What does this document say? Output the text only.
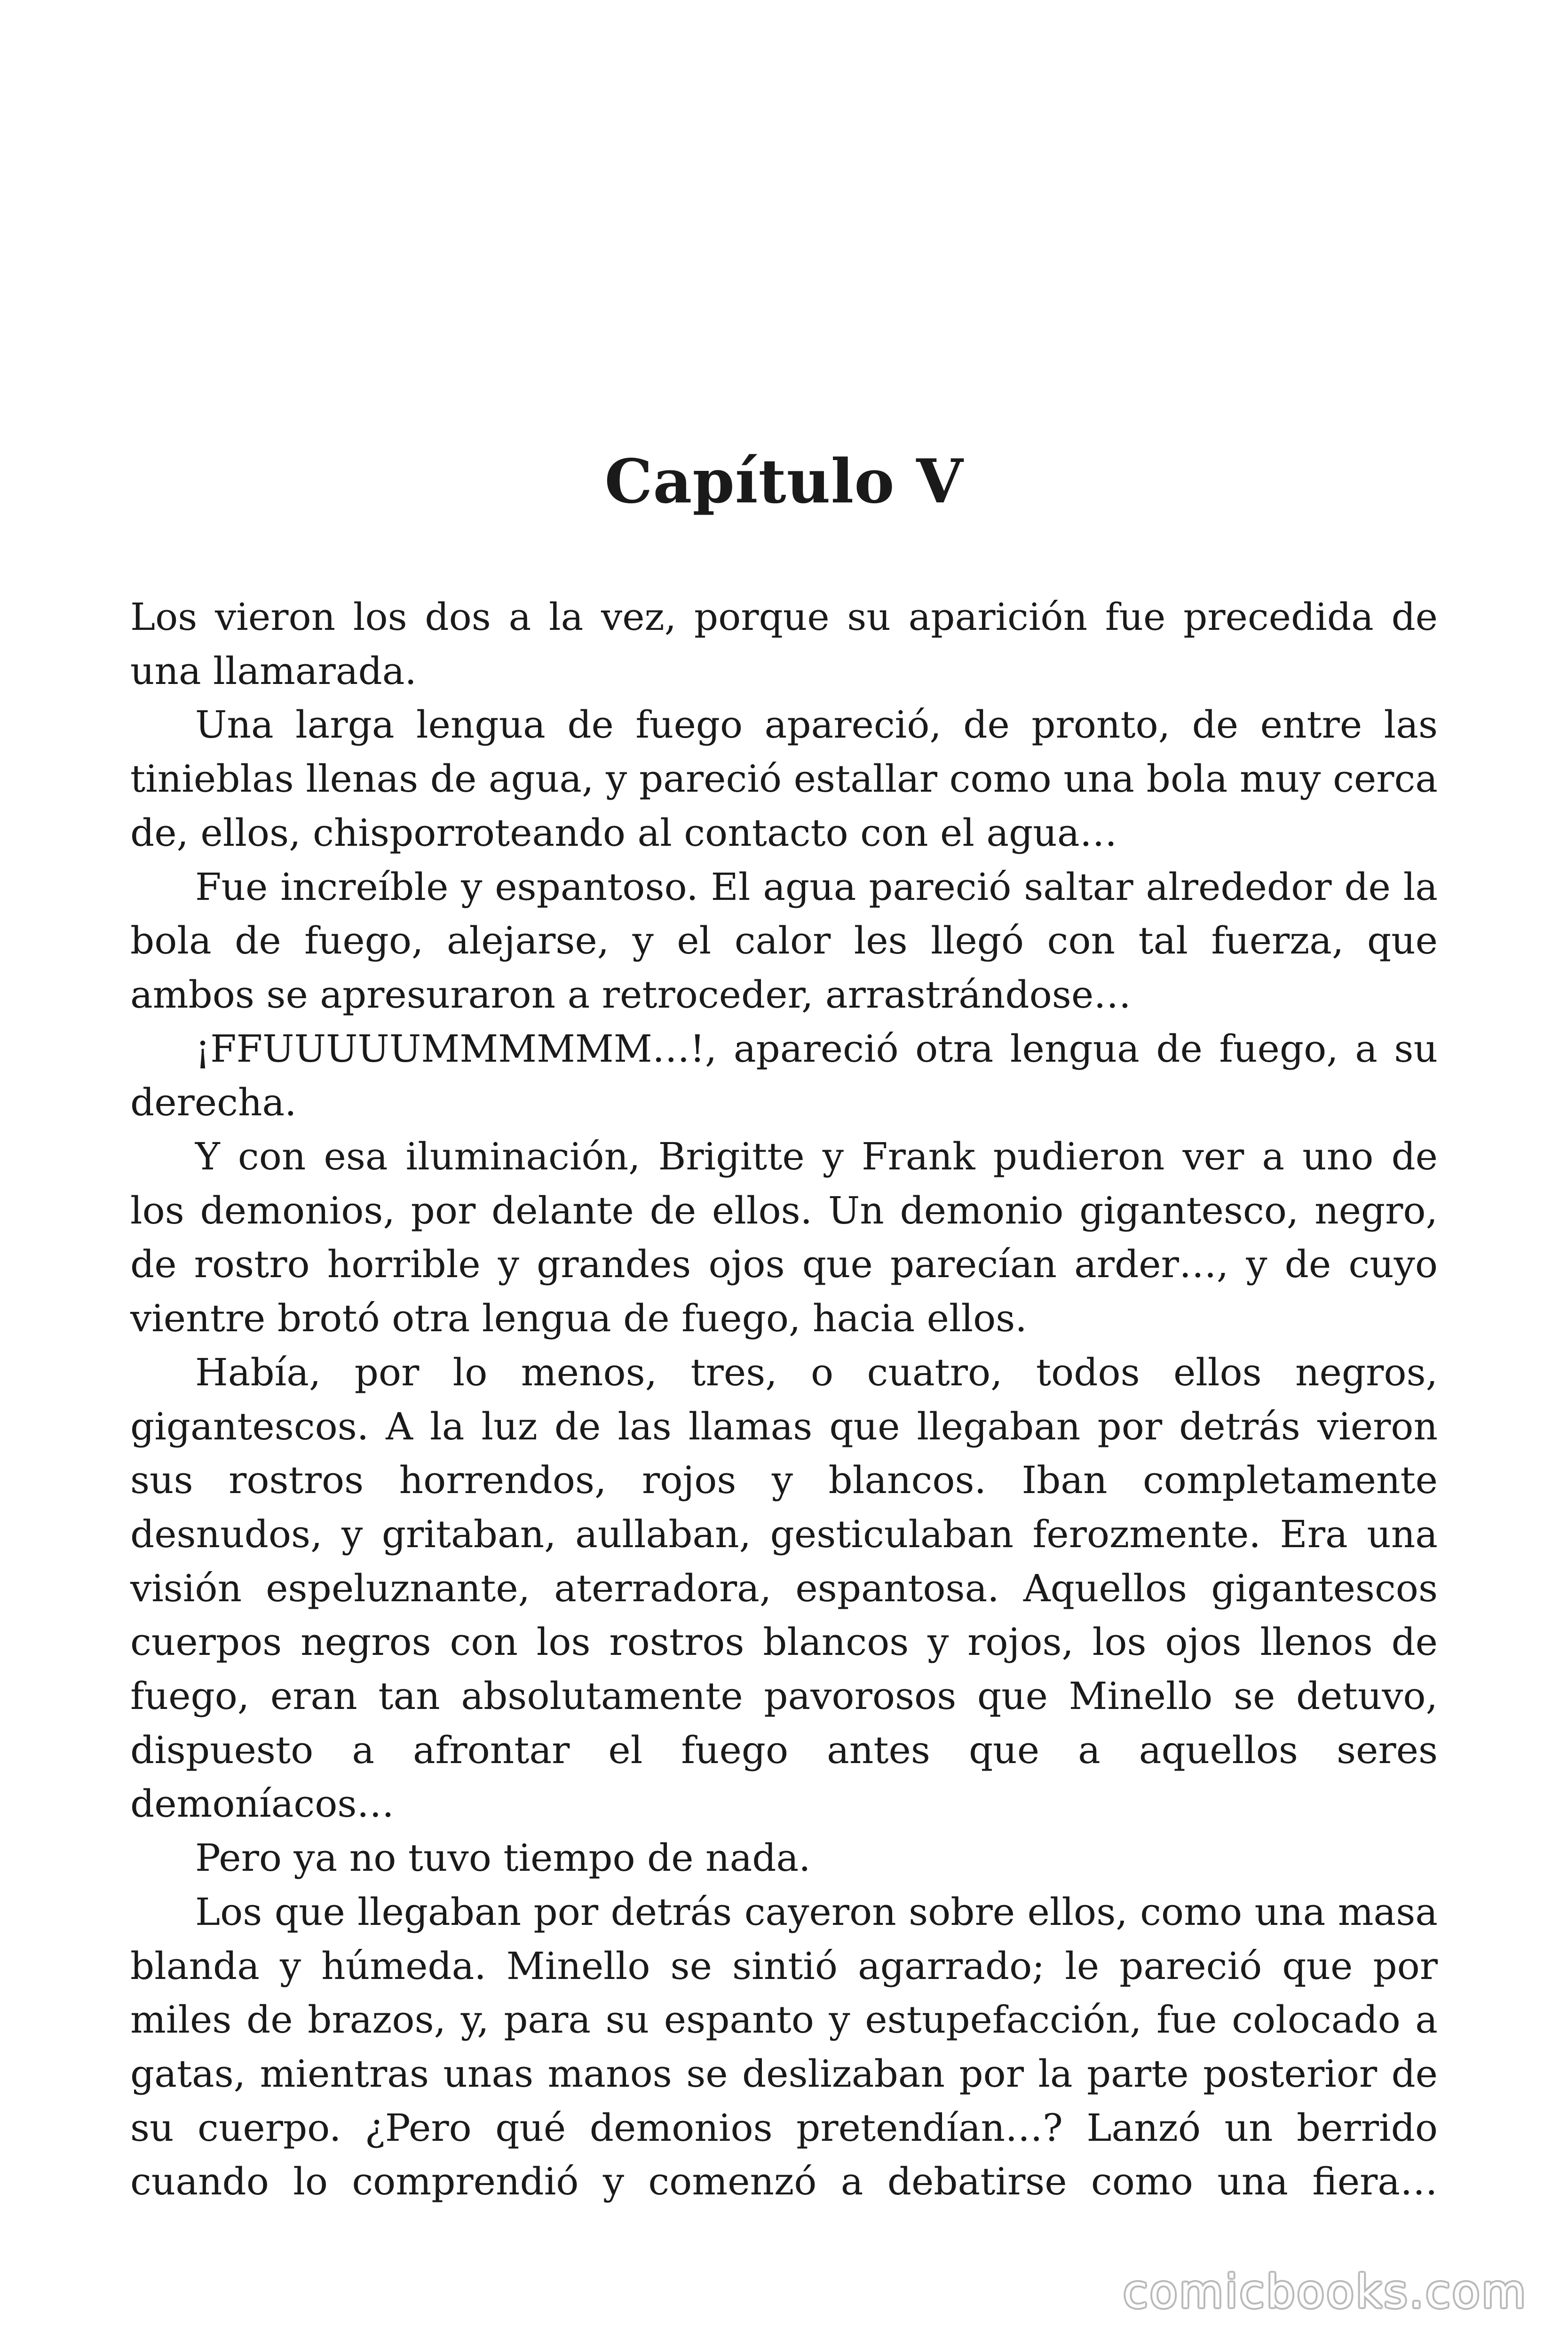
Capítulo V

Los vieron los dos a la vez, porque su aparición fue precedida de una llamarada.

Una larga lengua de fuego apareció, de pronto, de entre las tinieblas llenas de agua, y pareció estallar como una bola muy cerca de, ellos, chisporroteando al contacto con el agua…

Fue increíble y espantoso. El agua pareció saltar alrededor de la bola de fuego, alejarse, y el calor les llegó con tal fuerza, que ambos se apresuraron a retroceder, arrastrándose…

¡FFUUUUUMMMMMM…!, apareció otra lengua de fuego, a su derecha.

Y con esa iluminación, Brigitte y Frank pudieron ver a uno de los demonios, por delante de ellos. Un demonio gigantesco, negro, de rostro horrible y grandes ojos que parecían arder…, y de cuyo vientre brotó otra lengua de fuego, hacia ellos.

Había, por lo menos, tres, o cuatro, todos ellos negros, gigantescos. A la luz de las llamas que llegaban por detrás vieron sus rostros horrendos, rojos y blancos. Iban completamente desnudos, y gritaban, aullaban, gesticulaban ferozmente. Era una visión espeluznante, aterradora, espantosa. Aquellos gigantescos cuerpos negros con los rostros blancos y rojos, los ojos llenos de fuego, eran tan absolutamente pavorosos que Minello se detuvo, dispuesto a afrontar el fuego antes que a aquellos seres demoníacos…

Pero ya no tuvo tiempo de nada.

Los que llegaban por detrás cayeron sobre ellos, como una masa blanda y húmeda. Minello se sintió agarrado; le pareció que por miles de brazos, y, para su espanto y estupefacción, fue colocado a gatas, mientras unas manos se deslizaban por la parte posterior de su cuerpo. ¿Pero qué demonios pretendían…? Lanzó un berrido cuando lo comprendió y comenzó a debatirse como una fiera…

comicbooks.com
